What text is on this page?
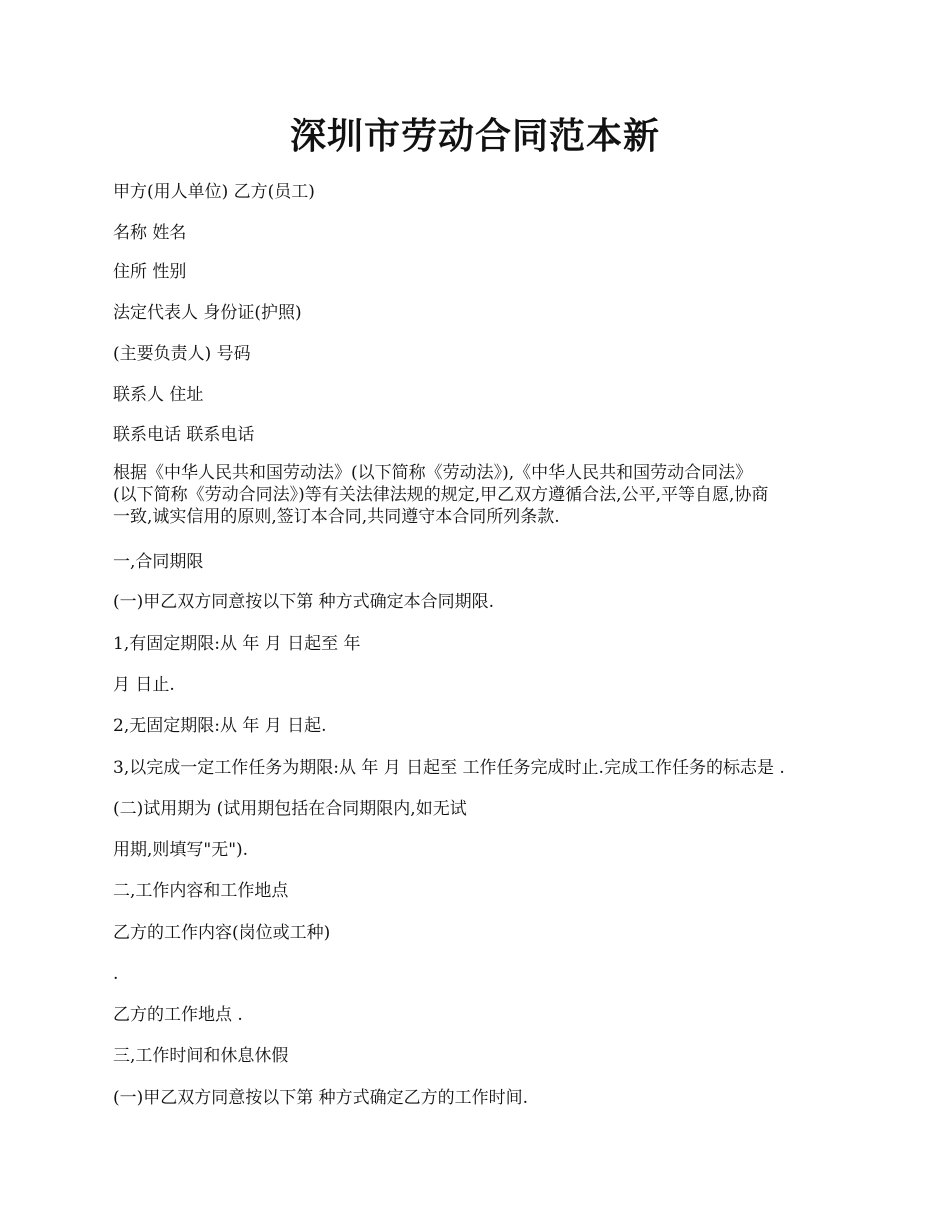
深圳市劳动合同范本新
甲方(用人单位) 乙方(员工)
名称 姓名
住所 性别
法定代表人 身份证(护照)
(主要负责人) 号码
联系人 住址
联系电话 联系电话
根据《中华人民共和国劳动法》(以下简称《劳动法》),《中华人民共和国劳动合同法》
(以下简称《劳动合同法》)等有关法律法规的规定,甲乙双方遵循合法,公平,平等自愿,协商
一致,诚实信用的原则,签订本合同,共同遵守本合同所列条款.
一,合同期限
(一)甲乙双方同意按以下第 种方式确定本合同期限.
1,有固定期限:从 年 月 日起至 年
月 日止.
2,无固定期限:从 年 月 日起.
3,以完成一定工作任务为期限:从 年 月 日起至 工作任务完成时止.完成工作任务的标志是 .
(二)试用期为 (试用期包括在合同期限内,如无试
用期,则填写"无").
二,工作内容和工作地点
乙方的工作内容(岗位或工种)
.
乙方的工作地点 .
三,工作时间和休息休假
(一)甲乙双方同意按以下第 种方式确定乙方的工作时间.
